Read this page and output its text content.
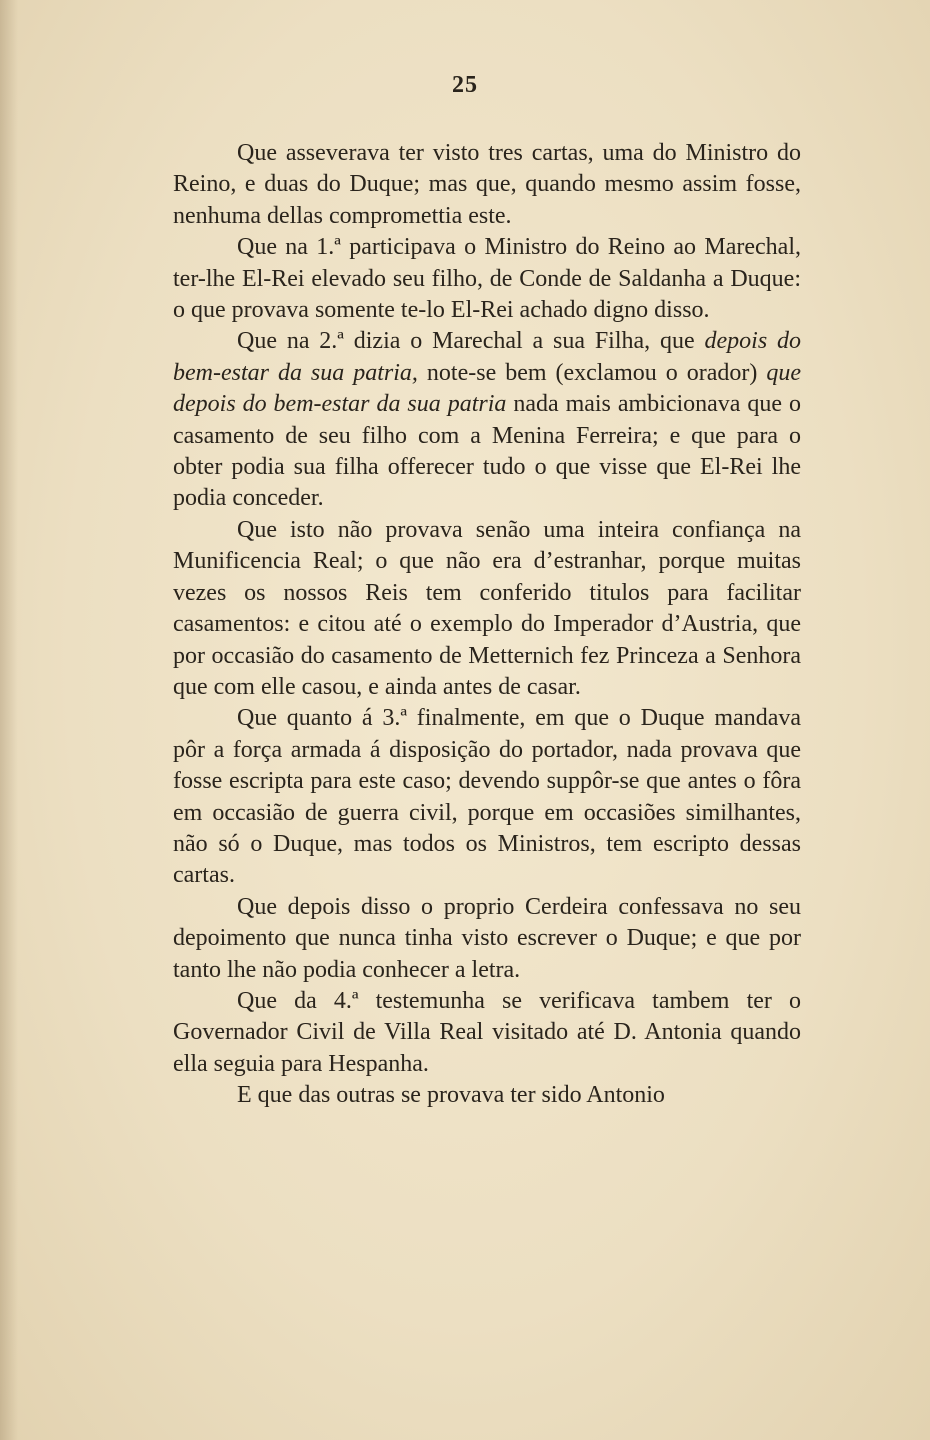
25

Que asseverava ter visto tres cartas, uma do Ministro do Reino, e duas do Duque; mas que, quando mesmo assim fosse, nenhuma dellas compromettia este.

Que na 1.ª participava o Ministro do Reino ao Marechal, ter-lhe El-Rei elevado seu filho, de Conde de Saldanha a Duque: o que provava somente te-lo El-Rei achado digno disso.

Que na 2.ª dizia o Marechal a sua Filha, que depois do bem-estar da sua patria, note-se bem (exclamou o orador) que depois do bem-estar da sua patria nada mais ambicionava que o casamento de seu filho com a Menina Ferreira; e que para o obter podia sua filha offerecer tudo o que visse que El-Rei lhe podia conceder.

Que isto não provava senão uma inteira confiança na Munificencia Real; o que não era d’estranhar, porque muitas vezes os nossos Reis tem conferido titulos para facilitar casamentos: e citou até o exemplo do Imperador d’Austria, que por occasião do casamento de Metternich fez Princeza a Senhora que com elle casou, e ainda antes de casar.

Que quanto á 3.ª finalmente, em que o Duque mandava pôr a força armada á disposição do portador, nada provava que fosse escripta para este caso; devendo suppôr-se que antes o fôra em occasião de guerra civil, porque em occasiões similhantes, não só o Duque, mas todos os Ministros, tem escripto dessas cartas.

Que depois disso o proprio Cerdeira confessava no seu depoimento que nunca tinha visto escrever o Duque; e que por tanto lhe não podia conhecer a letra.

Que da 4.ª testemunha se verificava tambem ter o Governador Civil de Villa Real visitado até D. Antonia quando ella seguia para Hespanha.

E que das outras se provava ter sido Antonio
